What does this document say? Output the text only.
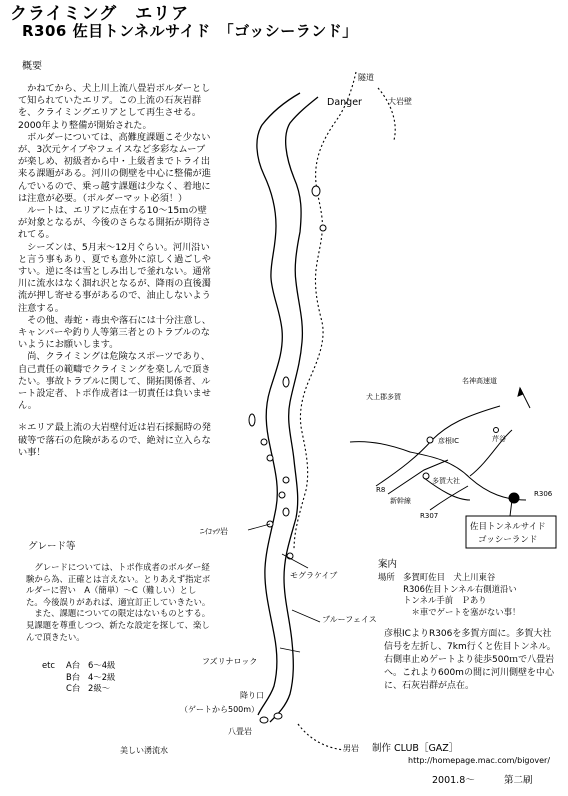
クライミング　エリア
R306 佐目トンネルサイド　「ゴッシーランド」
概要
　かねてから、犬上川上流八畳岩ボルダーとして知られていたエリア。この上流の石灰岩群を、クライミングエリアとして再生させる。2000年より整備が開始された。
　ボルダーについては、高難度課題こそ少ないが、3次元ケイブやフェイスなど多彩なムーブが楽しめ、初級者から中・上級者までトライ出来る課題がある。河川の側壁を中心に整備が進んでいるので、乗っ越す課題は少なく、着地には注意が必要。（ボルダーマット必須！）
　ルートは、エリアに点在する10～15ｍの壁が対象となるが、今後のさらなる開拓が期待されてる。
　シーズンは、5月末～12月ぐらい。河川沿いと言う事もあり、夏でも意外に涼しく過ごしやすい。逆に冬は雪としみ出しで釜れない。通常川に流水はなく涸れ沢となるが、降雨の直後濁流が押し寄せる事があるので、油止しないよう注意する。
　その他、毒蛇・毒虫や落石には十分注意し、キャンパーや釣り人等第三者とのトラブルのないようにお願いします。
　尚、クライミングは危険なスポーツであり、自己責任の範疇でクライミングを楽しんで頂きたい。事故トラブルに関して、開拓関係者、ルート設定者、トポ作成者は一切責任は負いません。
＊エリア最上流の大岩壁付近は岩石採掘時の発破等で落石の危険があるので、絶対に立入らない事！
グレード等
　グレードについては、トポ作成者のボルダー経験から為、正確とは言えない。とりあえず指定ボルダーに習い　A（簡単）～C（難しい）とした。今後誤りがあれば、適宜訂正していきたい。
　また、課題についての限定はないものとする。見課題を尊重しつつ、新たな設定を探して、楽しんで頂きたい。
etc A台 6～4級
B台 4～2級
C台 2級～
隧道
Danger	大岩壁
ﾆｲｺｯﾂ岩
モグラケイブ
ブルーフェイス
フズリナロック
降り口
（ゲートから500m）
八畳岩
男岩
美しい湧流水
犬上郡多賀
名神高速道
彦根IC	芹谷
多賀大社
R8
新幹線
R307
R306
佐目トンネルサイド
ゴッシーランド
案内
場所　多賀町佐目　犬上川東谷
　　　R306佐目トンネル右側道沿い
　　　トンネル手前　Ｐあり
　　　　＊車でゲートを塞がない事！
彦根ICよりR306を多賀方面に。多賀大社信号を左折し、7km行くと佐目トンネル。右側車止めゲートより徒歩500ｍで八畳岩へ。これより600mの間に河川側壁を中心に、石灰岩群が点在。
制作 CLUB［GAZ］
http://homepage.mac.com/bigover/
2001.8～	第二刷
